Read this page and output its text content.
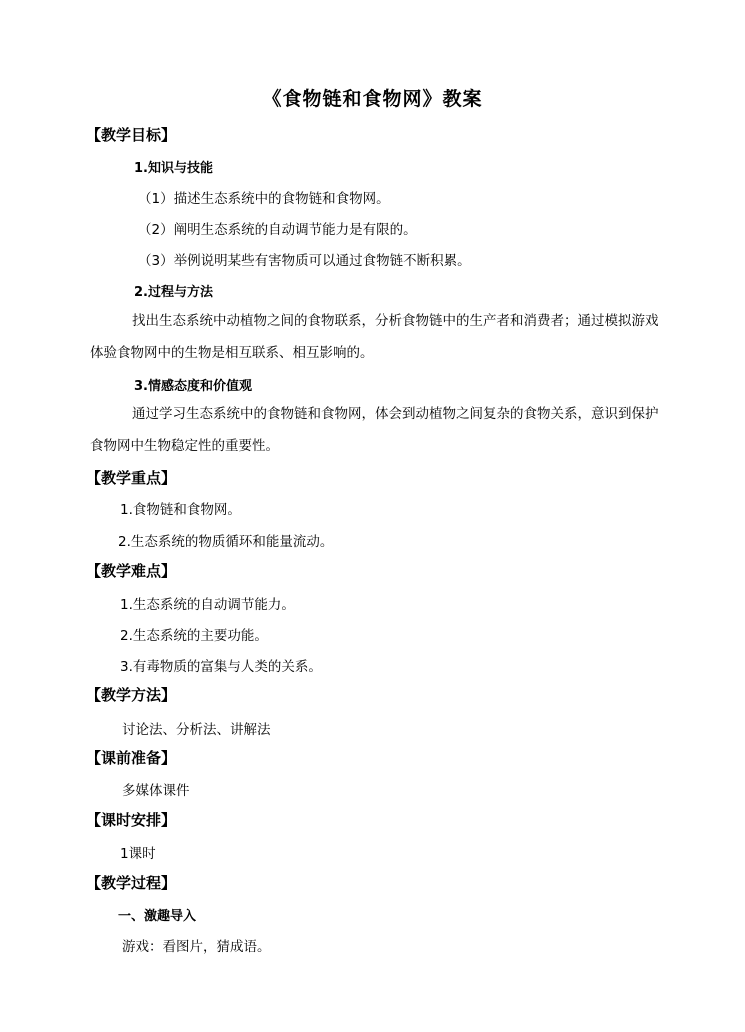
《食物链和食物网》教案
【教学目标】
1.知识与技能
（1）描述生态系统中的食物链和食物网。
（2）阐明生态系统的自动调节能力是有限的。
（3）举例说明某些有害物质可以通过食物链不断积累。
2.过程与方法
找出生态系统中动植物之间的食物联系，分析食物链中的生产者和消费者；通过模拟游戏体验食物网中的生物是相互联系、相互影响的。
3.情感态度和价值观
通过学习生态系统中的食物链和食物网，体会到动植物之间复杂的食物关系，意识到保护食物网中生物稳定性的重要性。
【教学重点】
1.食物链和食物网。
2.生态系统的物质循环和能量流动。
【教学难点】
1.生态系统的自动调节能力。
2.生态系统的主要功能。
3.有毒物质的富集与人类的关系。
【教学方法】
讨论法、分析法、讲解法
【课前准备】
多媒体课件
【课时安排】
1课时
【教学过程】
一、激趣导入
游戏：看图片，猜成语。
